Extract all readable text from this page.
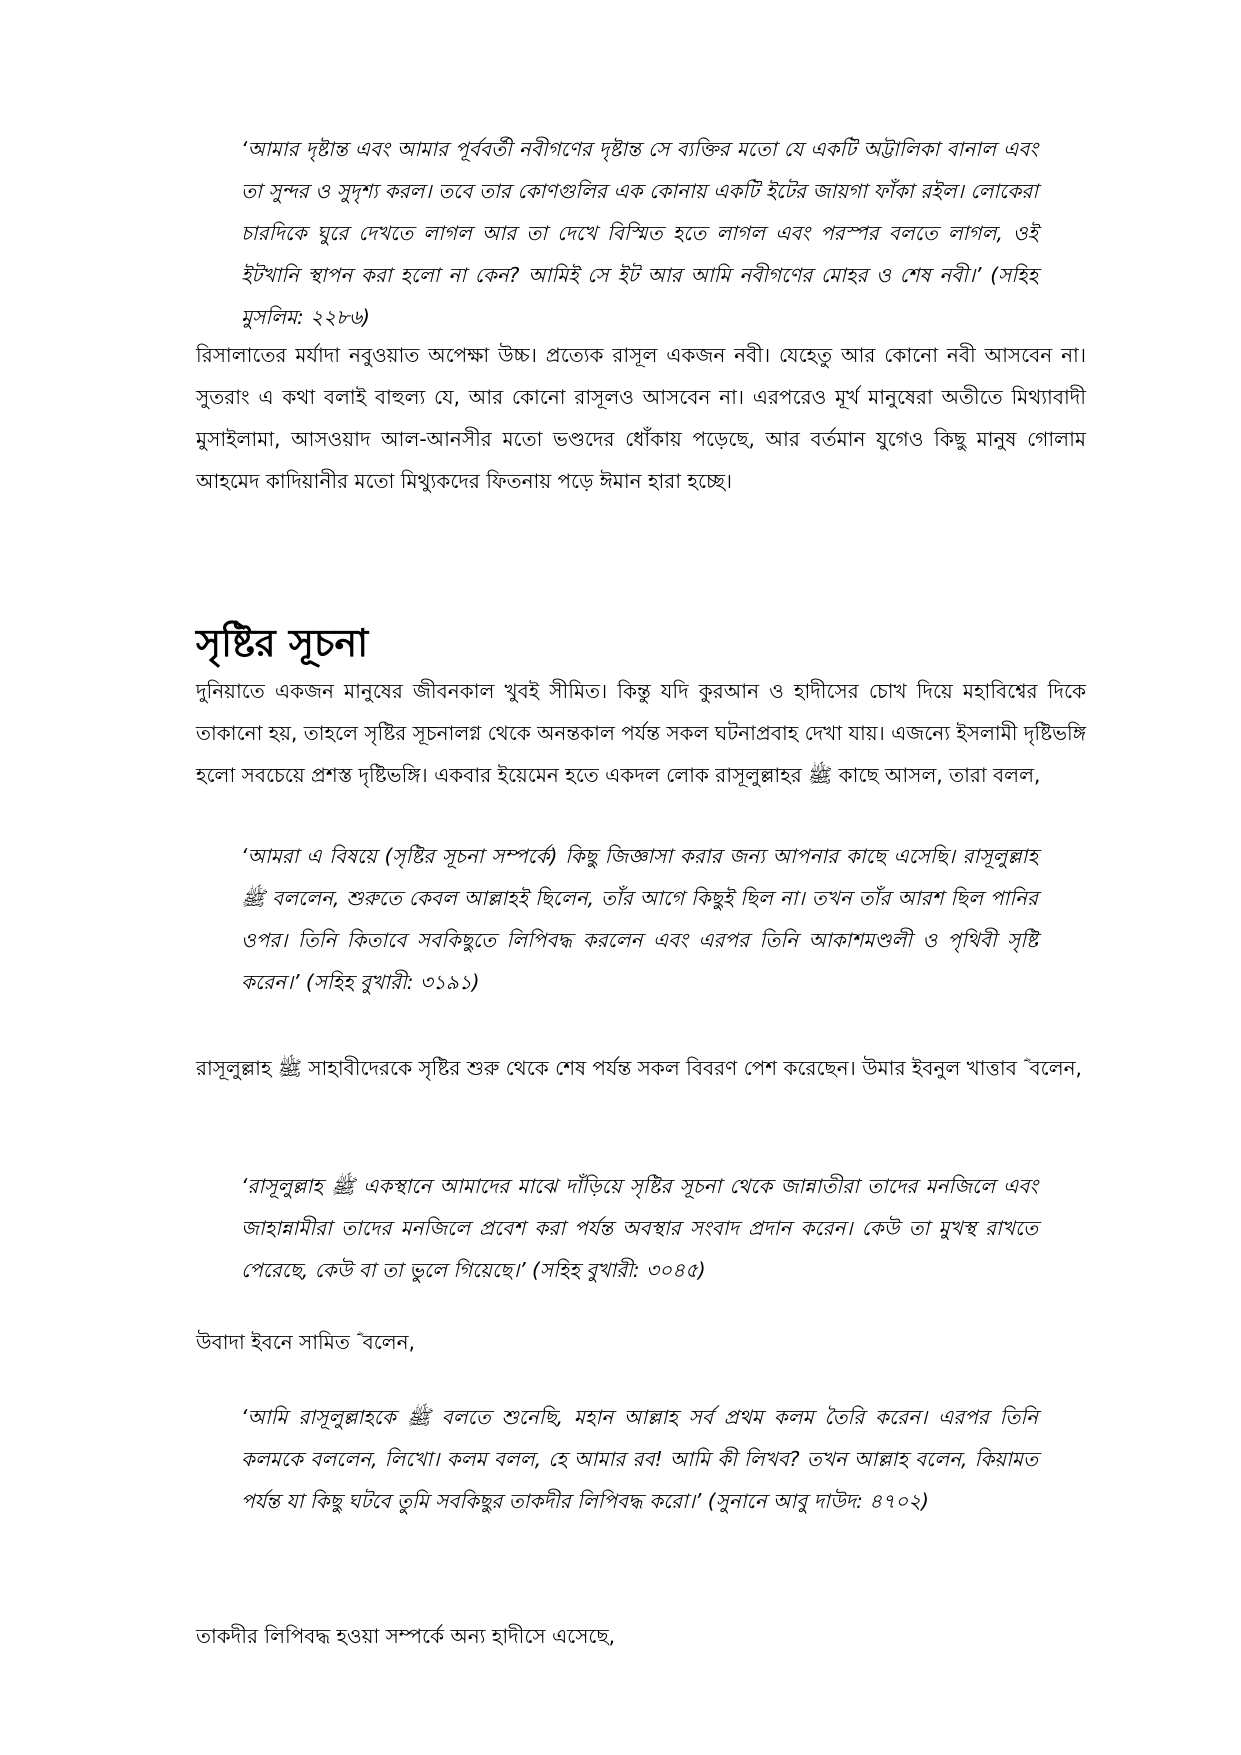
‘আমার দৃষ্টান্ত এবং আমার পূর্ববর্তী নবীগণের দৃষ্টান্ত সে ব্যক্তির মতো যে একটি অট্টালিকা বানাল এবং তা সুন্দর ও সুদৃশ্য করল। তবে তার কোণগুলির এক কোনায় একটি ইটের জায়গা ফাঁকা রইল। লোকেরা চারদিকে ঘুরে দেখতে লাগল আর তা দেখে বিস্মিত হতে লাগল এবং পরস্পর বলতে লাগল, ওই ইটখানি স্থাপন করা হলো না কেন? আমিই সে ইট আর আমি নবীগণের মোহর ও শেষ নবী।’ (সহিহ মুসলিম: ২২৮৬)

রিসালাতের মর্যাদা নবুওয়াত অপেক্ষা উচ্চ। প্রত্যেক রাসূল একজন নবী। যেহেতু আর কোনো নবী আসবেন না। সুতরাং এ কথা বলাই বাহুল্য যে, আর কোনো রাসূলও আসবেন না। এরপরেও মূর্খ মানুষেরা অতীতে মিথ্যাবাদী মুসাইলামা, আসওয়াদ আল-আনসীর মতো ভণ্ডদের ধোঁকায় পড়েছে, আর বর্তমান যুগেও কিছু মানুষ গোলাম আহমেদ কাদিয়ানীর মতো মিথ্যুকদের ফিতনায় পড়ে ঈমান হারা হচ্ছে।

সৃষ্টির সূচনা

দুনিয়াতে একজন মানুষের জীবনকাল খুবই সীমিত। কিন্তু যদি কুরআন ও হাদীসের চোখ দিয়ে মহাবিশ্বের দিকে তাকানো হয়, তাহলে সৃষ্টির সূচনালগ্ন থেকে অনন্তকাল পর্যন্ত সকল ঘটনাপ্রবাহ দেখা যায়। এজন্যে ইসলামী দৃষ্টিভঙ্গি হলো সবচেয়ে প্রশস্ত দৃষ্টিভঙ্গি। একবার ইয়েমেন হতে একদল লোক রাসূলুল্লাহর ﷺ কাছে আসল, তারা বলল,

‘আমরা এ বিষয়ে (সৃষ্টির সূচনা সম্পর্কে) কিছু জিজ্ঞাসা করার জন্য আপনার কাছে এসেছি। রাসূলুল্লাহ ﷺ বললেন, শুরুতে কেবল আল্লাহই ছিলেন, তাঁর আগে কিছুই ছিল না। তখন তাঁর আরশ ছিল পানির ওপর। তিনি কিতাবে সবকিছুতে লিপিবদ্ধ করলেন এবং এরপর তিনি আকাশমণ্ডলী ও পৃথিবী সৃষ্টি করেন।’ (সহিহ বুখারী: ৩১৯১)

রাসূলুল্লাহ ﷺ সাহাবীদেরকে সৃষ্টির শুরু থেকে শেষ পর্যন্ত সকল বিবরণ পেশ করেছেন। উমার ইবনুল খাত্তাব ؓ বলেন,

‘রাসূলুল্লাহ ﷺ একস্থানে আমাদের মাঝে দাঁড়িয়ে সৃষ্টির সূচনা থেকে জান্নাতীরা তাদের মনজিলে এবং জাহান্নামীরা তাদের মনজিলে প্রবেশ করা পর্যন্ত অবস্থার সংবাদ প্রদান করেন। কেউ তা মুখস্থ রাখতে পেরেছে, কেউ বা তা ভুলে গিয়েছে।’ (সহিহ বুখারী: ৩০৪৫)

উবাদা ইবনে সামিত ؓ বলেন,

‘আমি রাসূলুল্লাহকে ﷺ বলতে শুনেছি, মহান আল্লাহ সর্ব প্রথম কলম তৈরি করেন। এরপর তিনি কলমকে বললেন, লিখো। কলম বলল, হে আমার রব! আমি কী লিখব? তখন আল্লাহ বলেন, কিয়ামত পর্যন্ত যা কিছু ঘটবে তুমি সবকিছুর তাকদীর লিপিবদ্ধ করো।’ (সুনানে আবু দাউদ: ৪৭০২)

তাকদীর লিপিবদ্ধ হওয়া সম্পর্কে অন্য হাদীসে এসেছে,
